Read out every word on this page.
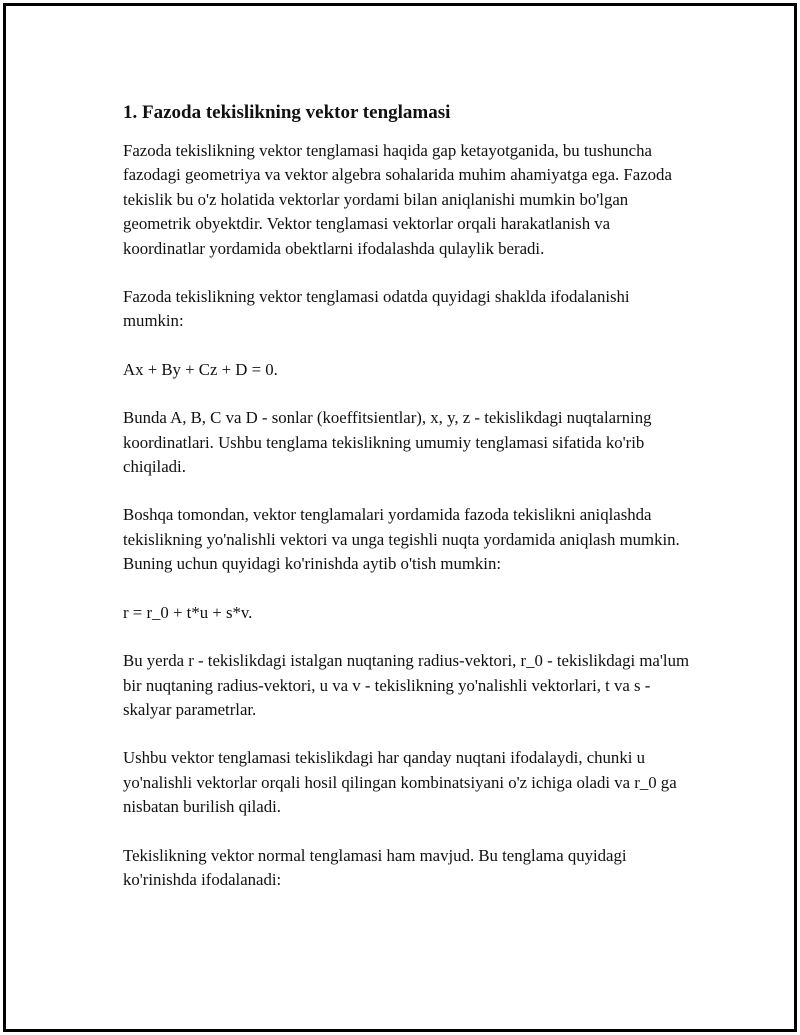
1. Fazoda tekislikning vektor tenglamasi

Fazoda tekislikning vektor tenglamasi haqida gap ketayotganida, bu tushuncha fazodagi geometriya va vektor algebra sohalarida muhim ahamiyatga ega. Fazoda tekislik bu o'z holatida vektorlar yordami bilan aniqlanishi mumkin bo'lgan geometrik obyektdir. Vektor tenglamasi vektorlar orqali harakatlanish va koordinatlar yordamida obektlarni ifodalashda qulaylik beradi.

Fazoda tekislikning vektor tenglamasi odatda quyidagi shaklda ifodalanishi mumkin:

Ax + By + Cz + D = 0.

Bunda A, B, C va D - sonlar (koeffitsientlar), x, y, z - tekislikdagi nuqtalarning koordinatlari. Ushbu tenglama tekislikning umumiy tenglamasi sifatida ko'rib chiqiladi.

Boshqa tomondan, vektor tenglamalari yordamida fazoda tekislikni aniqlashda tekislikning yo'nalishli vektori va unga tegishli nuqta yordamida aniqlash mumkin. Buning uchun quyidagi ko'rinishda aytib o'tish mumkin:

r = r_0 + t*u + s*v.

Bu yerda r - tekislikdagi istalgan nuqtaning radius-vektori, r_0 - tekislikdagi ma'lum bir nuqtaning radius-vektori, u va v - tekislikning yo'nalishli vektorlari, t va s - skalyar parametrlar.

Ushbu vektor tenglamasi tekislikdagi har qanday nuqtani ifodalaydi, chunki u yo'nalishli vektorlar orqali hosil qilingan kombinatsiyani o'z ichiga oladi va r_0 ga nisbatan burilish qiladi.

Tekislikning vektor normal tenglamasi ham mavjud. Bu tenglama quyidagi ko'rinishda ifodalanadi:
